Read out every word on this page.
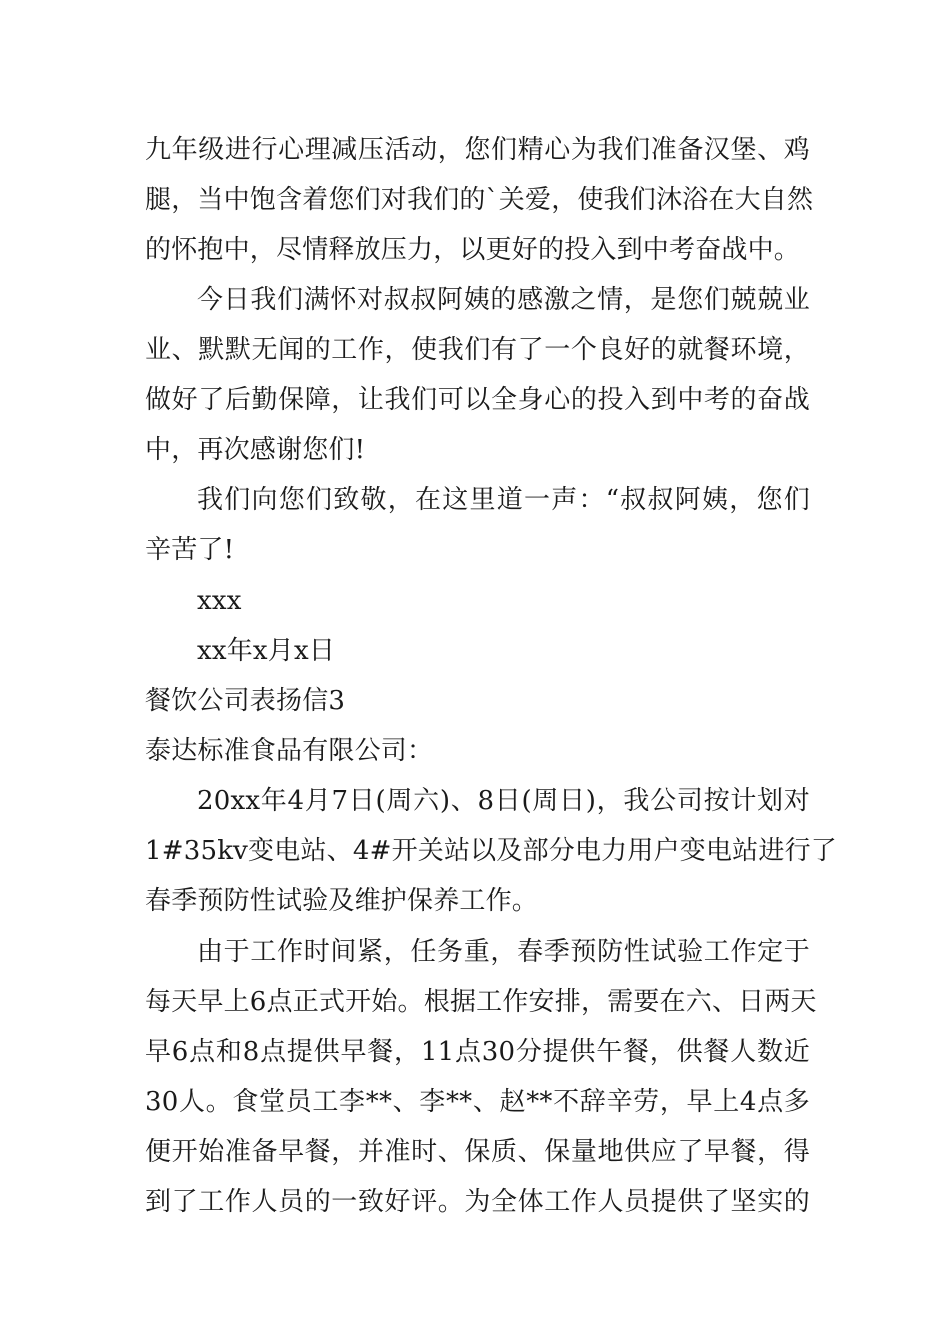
九年级进行心理减压活动，您们精心为我们准备汉堡、鸡
腿，当中饱含着您们对我们的`关爱，使我们沐浴在大自然
的怀抱中，尽情释放压力，以更好的投入到中考奋战中。
今日我们满怀对叔叔阿姨的感激之情，是您们兢兢业
业、默默无闻的工作，使我们有了一个良好的就餐环境，
做好了后勤保障，让我们可以全身心的投入到中考的奋战
中，再次感谢您们!
我们向您们致敬，在这里道一声：“叔叔阿姨，您们
辛苦了!
xxx
xx年x月x日
餐饮公司表扬信3
泰达标准食品有限公司：
20xx年4月7日(周六)、8日(周日)，我公司按计划对
1#35kv变电站、4#开关站以及部分电力用户变电站进行了
春季预防性试验及维护保养工作。
由于工作时间紧，任务重，春季预防性试验工作定于
每天早上6点正式开始。根据工作安排，需要在六、日两天
早6点和8点提供早餐，11点30分提供午餐，供餐人数近
30人。食堂员工李**、李**、赵**不辞辛劳，早上4点多
便开始准备早餐，并准时、保质、保量地供应了早餐，得
到了工作人员的一致好评。为全体工作人员提供了坚实的
